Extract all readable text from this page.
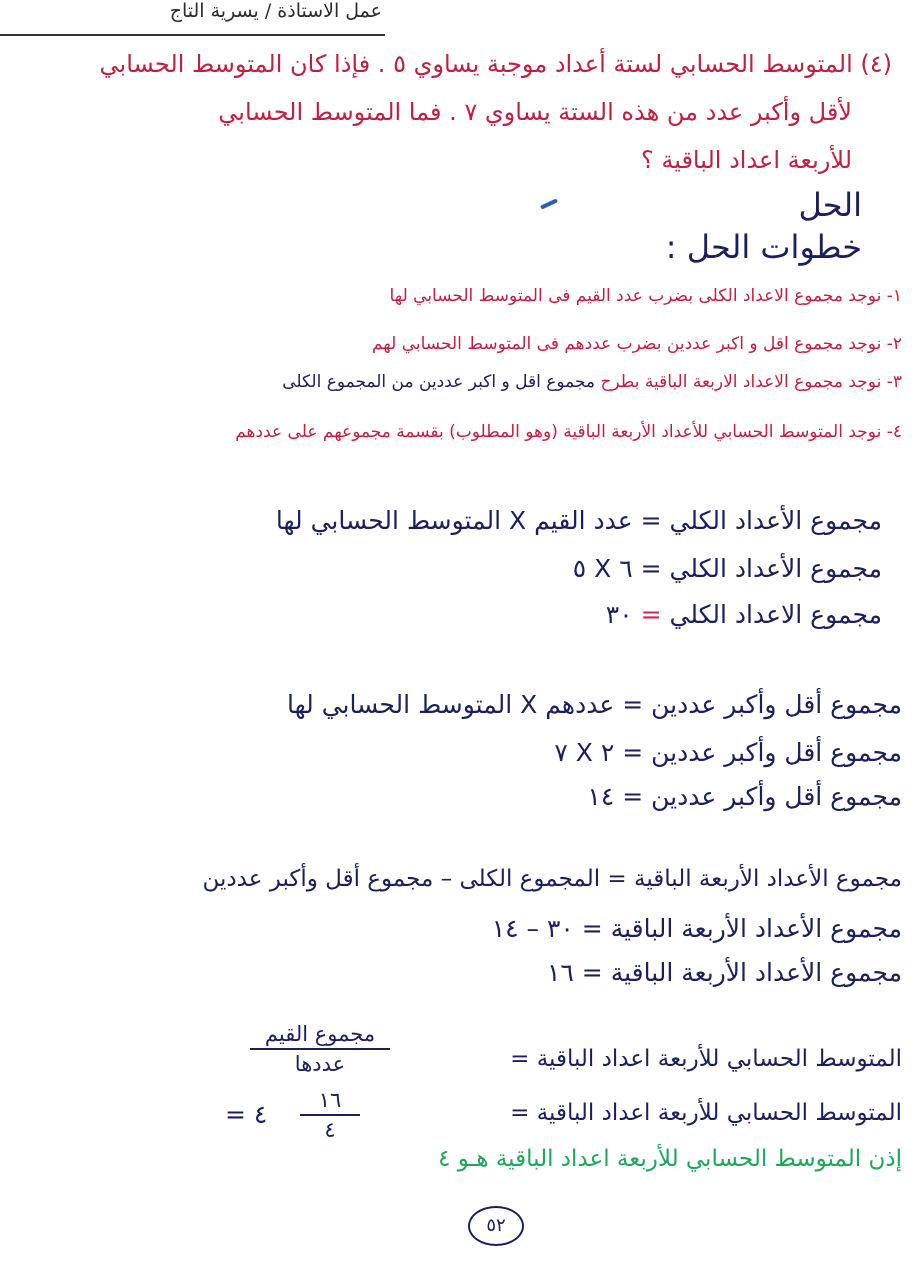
عمل الاستاذة / يسرية التاج
(٤) المتوسط الحسابي لستة أعداد موجبة يساوي ٥ . فإذا كان المتوسط الحسابي
لأقل وأكبر عدد من هذه الستة يساوي ٧ . فما المتوسط الحسابي
للأربعة اعداد الباقية ؟
الحل
خطوات الحل :
١- نوجد مجموع الاعداد الكلى بضرب عدد القيم فى المتوسط الحسابي لها
٢- نوجد مجموع اقل و اكبر عددين بضرب عددهم فى المتوسط الحسابي لهم
٣- نوجد مجموع الاعداد الاربعة الباقية بطرح مجموع اقل و اكبر عددين من المجموع الكلى
٤- نوجد المتوسط الحسابي للأعداد الأربعة الباقية (وهو المطلوب) بقسمة مجموعهم على عددهم
مجموع الأعداد الكلي = عدد القيم X المتوسط الحسابي لها
مجموع الأعداد الكلي = ٦ X ٥
مجموع الاعداد الكلي = ٣٠
مجموع أقل وأكبر عددين = عددهم X المتوسط الحسابي لها
مجموع أقل وأكبر عددين = ٢ X ٧
مجموع أقل وأكبر عددين = ١٤
مجموع الأعداد الأربعة الباقية = المجموع الكلى – مجموع أقل وأكبر عددين
مجموع الأعداد الأربعة الباقية = ٣٠ – ١٤
مجموع الأعداد الأربعة الباقية = ١٦
المتوسط الحسابي للأربعة اعداد الباقية =
مجموع القيم
عددها
المتوسط الحسابي للأربعة اعداد الباقية =
١٦
٤
= ٤
إذن المتوسط الحسابي للأربعة اعداد الباقية هـو ٤
٥٢
